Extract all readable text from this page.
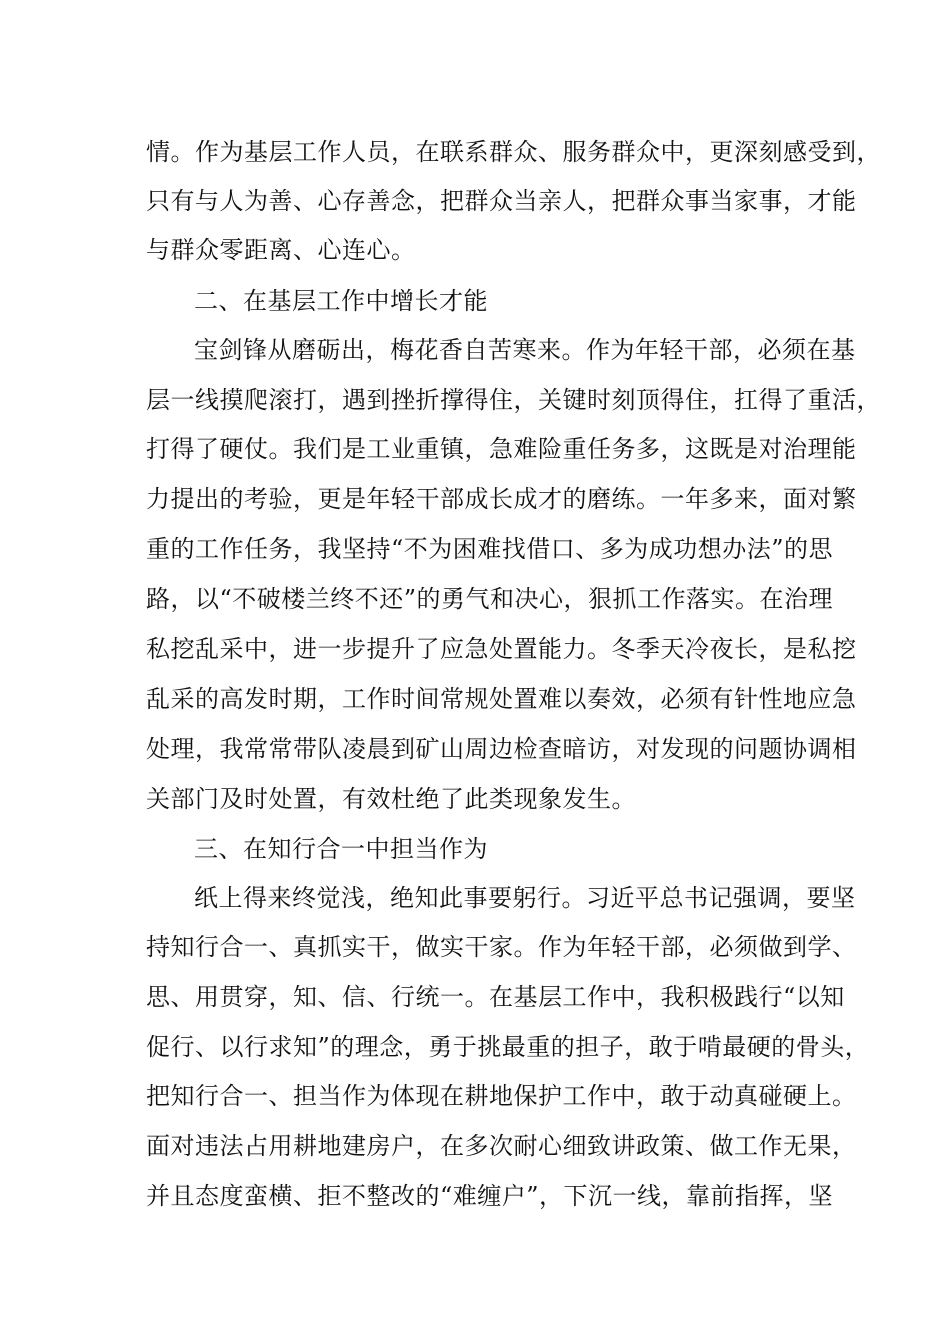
情。作为基层工作人员，在联系群众、服务群众中，更深刻感受到，
只有与人为善、心存善念，把群众当亲人，把群众事当家事，才能
与群众零距离、心连心。
二、在基层工作中增长才能
宝剑锋从磨砺出，梅花香自苦寒来。作为年轻干部，必须在基
层一线摸爬滚打，遇到挫折撑得住，关键时刻顶得住，扛得了重活，
打得了硬仗。我们是工业重镇，急难险重任务多，这既是对治理能
力提出的考验，更是年轻干部成长成才的磨练。一年多来，面对繁
重的工作任务，我坚持“不为困难找借口、多为成功想办法”的思
路，以“不破楼兰终不还”的勇气和决心，狠抓工作落实。在治理
私挖乱采中，进一步提升了应急处置能力。冬季天冷夜长，是私挖
乱采的高发时期，工作时间常规处置难以奏效，必须有针性地应急
处理，我常常带队凌晨到矿山周边检查暗访，对发现的问题协调相
关部门及时处置，有效杜绝了此类现象发生。
三、在知行合一中担当作为
纸上得来终觉浅，绝知此事要躬行。习近平总书记强调，要坚
持知行合一、真抓实干，做实干家。作为年轻干部，必须做到学、
思、用贯穿，知、信、行统一。在基层工作中，我积极践行“以知
促行、以行求知”的理念，勇于挑最重的担子，敢于啃最硬的骨头，
把知行合一、担当作为体现在耕地保护工作中，敢于动真碰硬上。
面对违法占用耕地建房户，在多次耐心细致讲政策、做工作无果，
并且态度蛮横、拒不整改的“难缠户”，下沉一线，靠前指挥，坚
